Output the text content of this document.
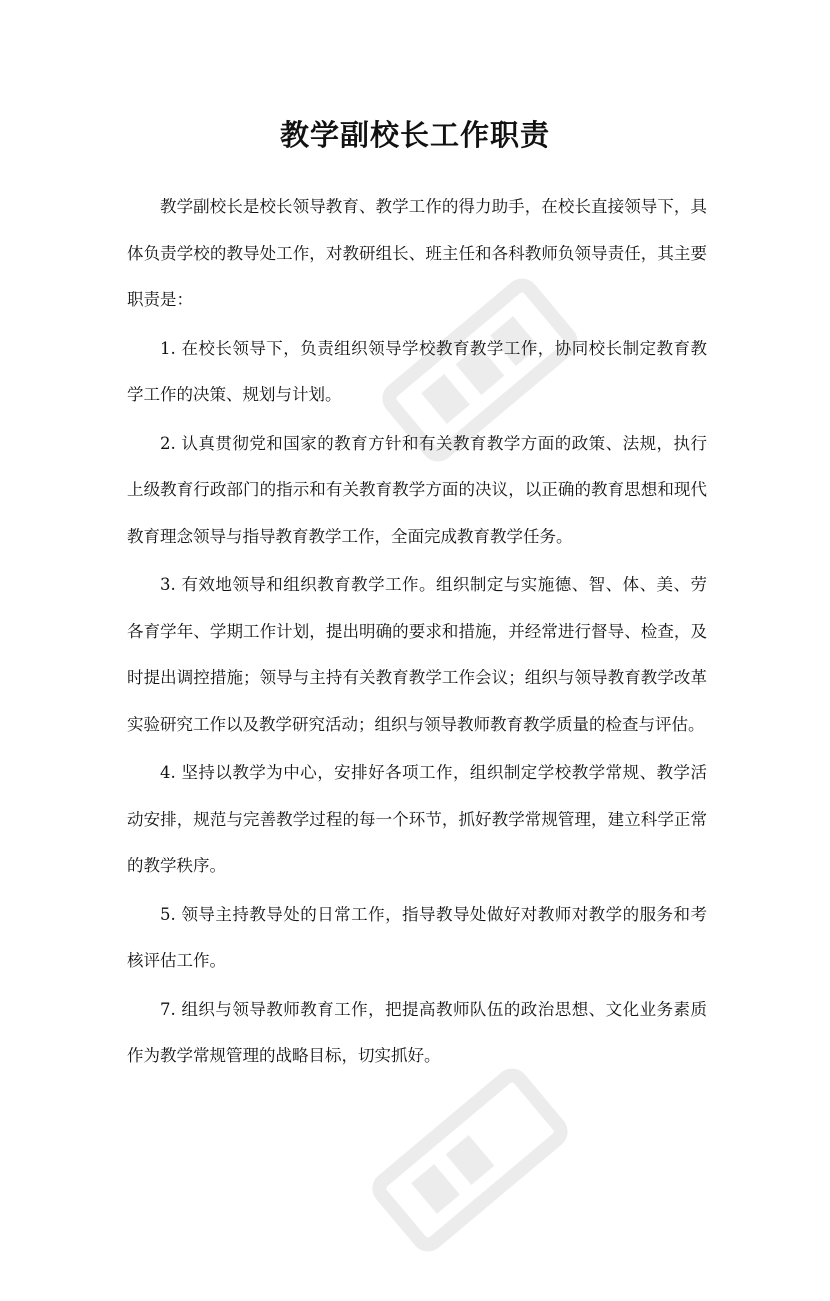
教学副校长工作职责

教学副校长是校长领导教育、教学工作的得力助手，在校长直接领导下，具体负责学校的教导处工作，对教研组长、班主任和各科教师负领导责任，其主要职责是：

1. 在校长领导下，负责组织领导学校教育教学工作，协同校长制定教育教学工作的决策、规划与计划。

2. 认真贯彻党和国家的教育方针和有关教育教学方面的政策、法规，执行上级教育行政部门的指示和有关教育教学方面的决议，以正确的教育思想和现代教育理念领导与指导教育教学工作，全面完成教育教学任务。

3. 有效地领导和组织教育教学工作。组织制定与实施德、智、体、美、劳各育学年、学期工作计划，提出明确的要求和措施，并经常进行督导、检查，及时提出调控措施；领导与主持有关教育教学工作会议；组织与领导教育教学改革实验研究工作以及教学研究活动；组织与领导教师教育教学质量的检查与评估。

4. 坚持以教学为中心，安排好各项工作，组织制定学校教学常规、教学活动安排，规范与完善教学过程的每一个环节，抓好教学常规管理，建立科学正常的教学秩序。

5. 领导主持教导处的日常工作，指导教导处做好对教师对教学的服务和考核评估工作。

7. 组织与领导教师教育工作，把提高教师队伍的政治思想、文化业务素质作为教学常规管理的战略目标，切实抓好。
